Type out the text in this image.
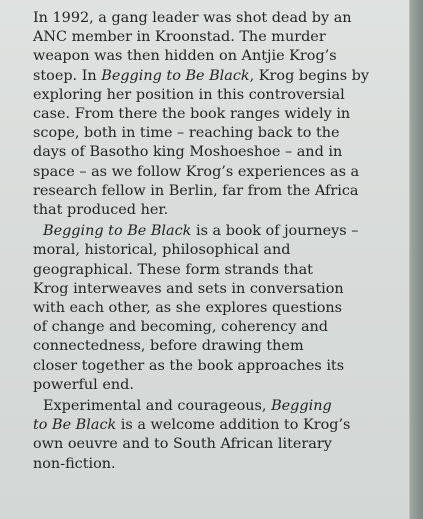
In 1992, a gang leader was shot dead by an
ANC member in Kroonstad. The murder
weapon was then hidden on Antjie Krog’s
stoep. In Begging to Be Black, Krog begins by
exploring her position in this controversial
case. From there the book ranges widely in
scope, both in time – reaching back to the
days of Basotho king Moshoeshoe – and in
space – as we follow Krog’s experiences as a
research fellow in Berlin, far from the Africa
that produced her.
Begging to Be Black is a book of journeys –
moral, historical, philosophical and
geographical. These form strands that
Krog interweaves and sets in conversation
with each other, as she explores questions
of change and becoming, coherency and
connectedness, before drawing them
closer together as the book approaches its
powerful end.
Experimental and courageous, Begging
to Be Black is a welcome addition to Krog’s
own oeuvre and to South African literary
non-fiction.
